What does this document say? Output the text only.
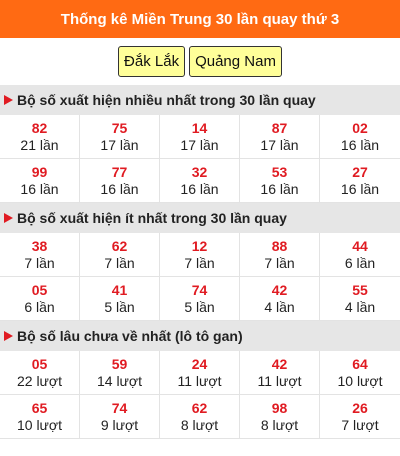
Thống kê Miền Trung 30 lần quay thứ 3
Đắk Lắk	Quảng Nam
Bộ số xuất hiện nhiều nhất trong 30 lần quay
82
21 lần
75
17 lần
14
17 lần
87
17 lần
02
16 lần
99
16 lần
77
16 lần
32
16 lần
53
16 lần
27
16 lần
Bộ số xuất hiện ít nhất trong 30 lần quay
38
7 lần
62
7 lần
12
7 lần
88
7 lần
44
6 lần
05
6 lần
41
5 lần
74
5 lần
42
4 lần
55
4 lần
Bộ số lâu chưa về nhất (lô tô gan)
05
22 lượt
59
14 lượt
24
11 lượt
42
11 lượt
64
10 lượt
65
10 lượt
74
9 lượt
62
8 lượt
98
8 lượt
26
7 lượt
